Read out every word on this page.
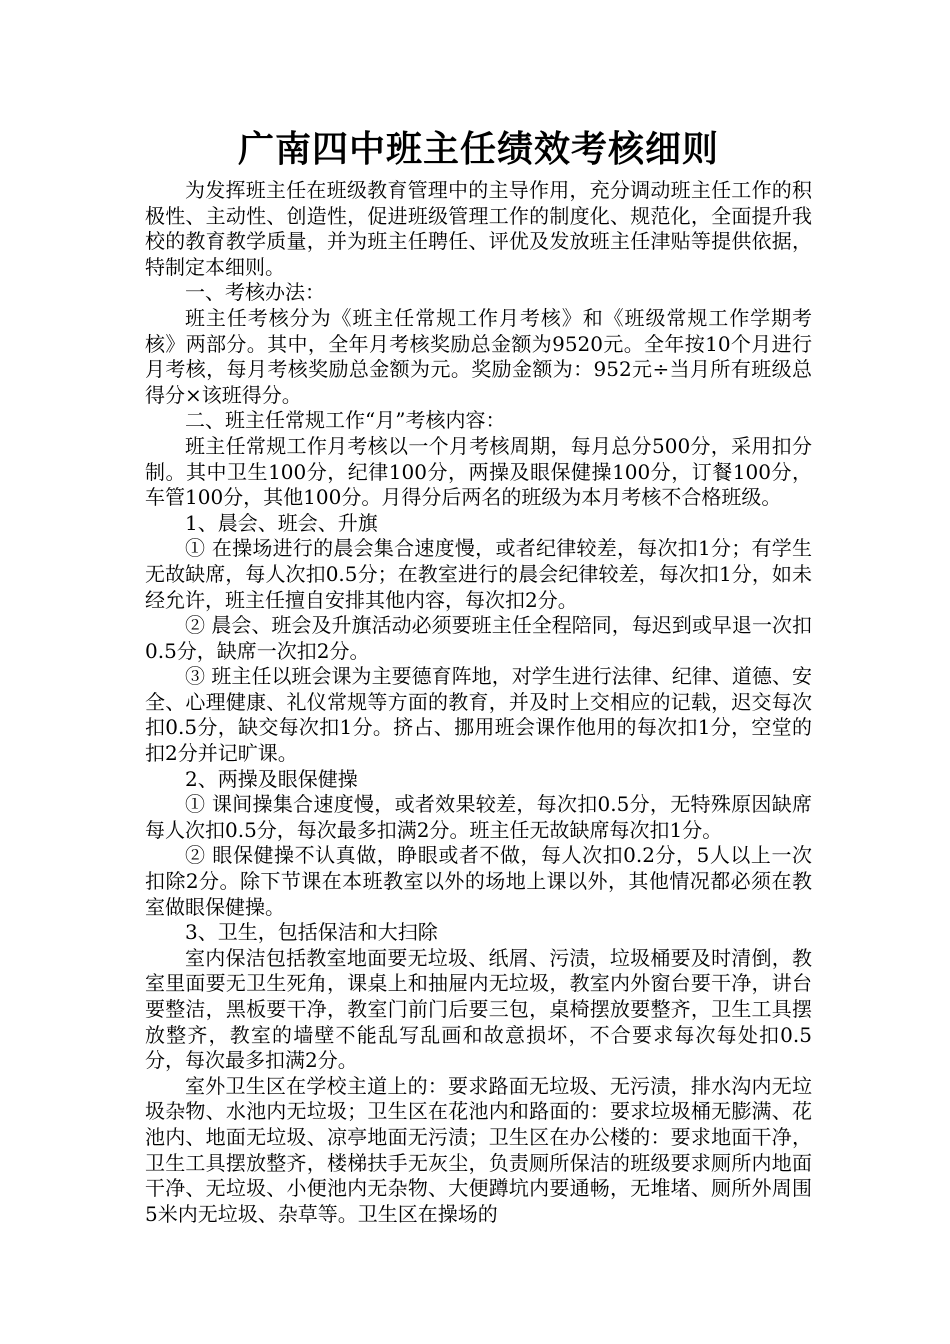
广南四中班主任绩效考核细则

为发挥班主任在班级教育管理中的主导作用，充分调动班主任工作的积极性、主动性、创造性，促进班级管理工作的制度化、规范化，全面提升我校的教育教学质量，并为班主任聘任、评优及发放班主任津贴等提供依据，特制定本细则。

一、考核办法：

班主任考核分为《班主任常规工作月考核》和《班级常规工作学期考核》两部分。其中，全年月考核奖励总金额为9520元。全年按10个月进行月考核，每月考核奖励总金额为元。奖励金额为：952元÷当月所有班级总得分×该班得分。

二、班主任常规工作“月”考核内容：

班主任常规工作月考核以一个月考核周期，每月总分500分，采用扣分制。其中卫生100分，纪律100分，两操及眼保健操100分，订餐100分，车管100分，其他100分。月得分后两名的班级为本月考核不合格班级。

1、晨会、班会、升旗

① 在操场进行的晨会集合速度慢，或者纪律较差，每次扣1分；有学生无故缺席，每人次扣0.5分；在教室进行的晨会纪律较差，每次扣1分，如未经允许，班主任擅自安排其他内容，每次扣2分。

② 晨会、班会及升旗活动必须要班主任全程陪同，每迟到或早退一次扣0.5分，缺席一次扣2分。

③ 班主任以班会课为主要德育阵地，对学生进行法律、纪律、道德、安全、心理健康、礼仪常规等方面的教育，并及时上交相应的记载，迟交每次扣0.5分，缺交每次扣1分。挤占、挪用班会课作他用的每次扣1分，空堂的扣2分并记旷课。

2、两操及眼保健操

① 课间操集合速度慢，或者效果较差，每次扣0.5分，无特殊原因缺席每人次扣0.5分，每次最多扣满2分。班主任无故缺席每次扣1分。

② 眼保健操不认真做，睁眼或者不做，每人次扣0.2分，5人以上一次扣除2分。除下节课在本班教室以外的场地上课以外，其他情况都必须在教室做眼保健操。

3、卫生，包括保洁和大扫除

室内保洁包括教室地面要无垃圾、纸屑、污渍，垃圾桶要及时清倒，教室里面要无卫生死角，课桌上和抽屉内无垃圾，教室内外窗台要干净，讲台要整洁，黑板要干净，教室门前门后要三包，桌椅摆放要整齐，卫生工具摆放整齐，教室的墙壁不能乱写乱画和故意损坏，不合要求每次每处扣0.5分，每次最多扣满2分。

室外卫生区在学校主道上的：要求路面无垃圾、无污渍，排水沟内无垃圾杂物、水池内无垃圾；卫生区在花池内和路面的：要求垃圾桶无膨满、花池内、地面无垃圾、凉亭地面无污渍；卫生区在办公楼的：要求地面干净，卫生工具摆放整齐，楼梯扶手无灰尘，负责厕所保洁的班级要求厕所内地面干净、无垃圾、小便池内无杂物、大便蹲坑内要通畅，无堆堵、厕所外周围5米内无垃圾、杂草等。卫生区在操场的
